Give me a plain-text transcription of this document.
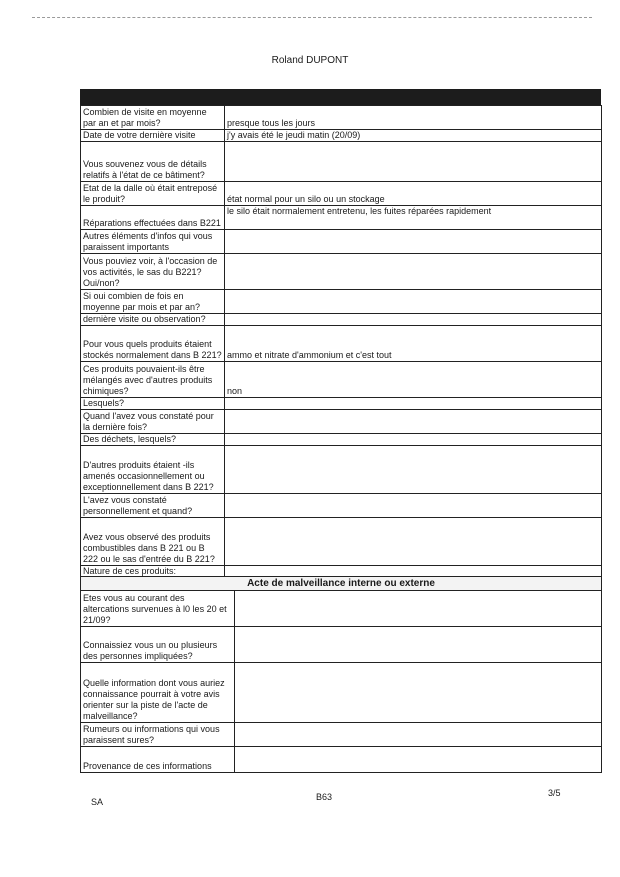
Roland DUPONT
Combien de visite en moyenne par an et par mois?	presque tous les jours
Date de votre dernière visite	j'y avais été le jeudi matin (20/09)
Vous souvenez vous de détails relatifs à l'état de ce bâtiment?	
Etat de la dalle où était entreposé le produit?	état normal pour un silo ou un stockage
Réparations effectuées dans B221	le silo était normalement entretenu, les fuites réparées rapidement
Autres éléments d'infos qui vous paraissent importants	
Vous pouviez voir, à l'occasion de vos activités, le sas du B221? Oui/non?	
Si oui combien de fois en moyenne par mois et par an?	
dernière visite ou observation?	
Pour vous quels produits étaient stockés normalement dans B 221?	ammo et nitrate d'ammonium et c'est tout
Ces produits pouvaient-ils être mélangés avec d'autres produits chimiques?	non
Lesquels?	
Quand l'avez vous constaté pour la dernière fois?	
Des déchets, lesquels?	
D'autres produits étaient -ils amenés occasionnellement ou exceptionnellement dans B 221?	
L'avez vous constaté personnellement et quand?	
Avez vous observé des produits combustibles dans B 221 ou B 222 ou le sas d'entrée du B 221?	
Nature de ces produits:	
Acte de malveillance interne ou externe	
Etes vous au courant des altercations survenues à l0 les 20 et 21/09?	
Connaissiez vous un ou plusieurs des personnes impliquées?	
Quelle information dont vous auriez connaissance pourrait à votre avis orienter sur la piste de l'acte de malveillance?	
Rumeurs ou informations qui vous paraissent sures?	
Provenance de ces informations	
SA	B63	3/5
